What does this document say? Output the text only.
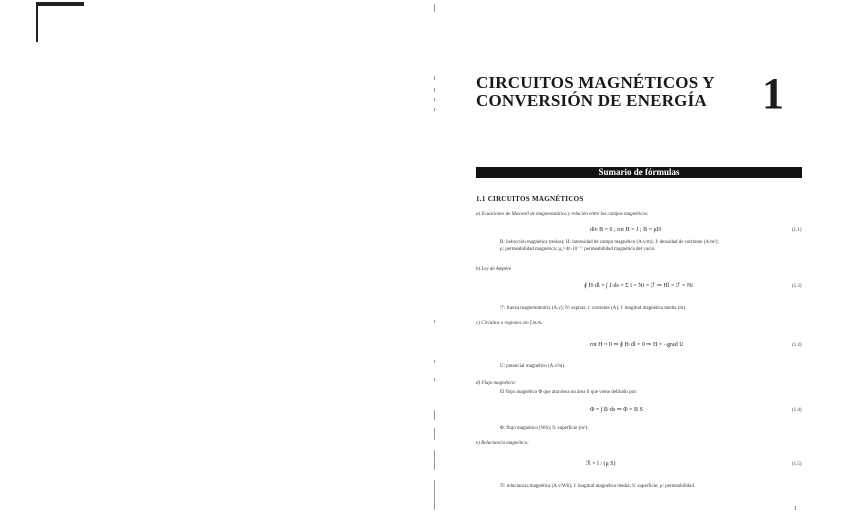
CIRCUITOS MAGNÉTICOS Y
CONVERSIÓN DE ENERGÍA	1
Sumario de fórmulas
1.1 CIRCUITOS MAGNÉTICOS
a) Ecuaciones de Maxwell de magnetostática y relación entre los campos magnéticos:
div B = 0 ; rot H = J ; B = μH	(1.1)
B: inducción magnética (teslas); H: intensidad de campo magnético (A.v/m); J: densidad de corriente (A/m²);
μ: permeabilidad magnética; μ₀=4π·10⁻⁷: permeabilidad magnética del vacío.
b) Ley de Ampère
∮ H·dl = ∫ J·ds = Σ i = Ni = ℱ ⇒ Hl = ℱ = Ni	(1.2)
ℱ: fuerza magnetomotriz (A.v); N: espiras; i: corriente (A); l: longitud magnética media (m).
c) Circuitos o regiones sin f.m.m.:
rot H = 0 ⇒ ∮ H·dl = 0 ⇒ H = −grad U	(1.3)
U: potencial magnético (A.v/m).
d) Flujo magnético:
El flujo magnético Φ que atraviesa un área S que viene definido por:
Φ = ∫ B·ds ⇒ Φ = B S	(1.4)
Φ: flujo magnético (Wb); S: superficie (m²).
e) Reluctancia magnética:
ℛ = l / (μ S)	(1.5)
ℛ: reluctancia magnética (A.v/Wb); l: longitud magnética media; S: superficie; μ: permeabilidad.
1
